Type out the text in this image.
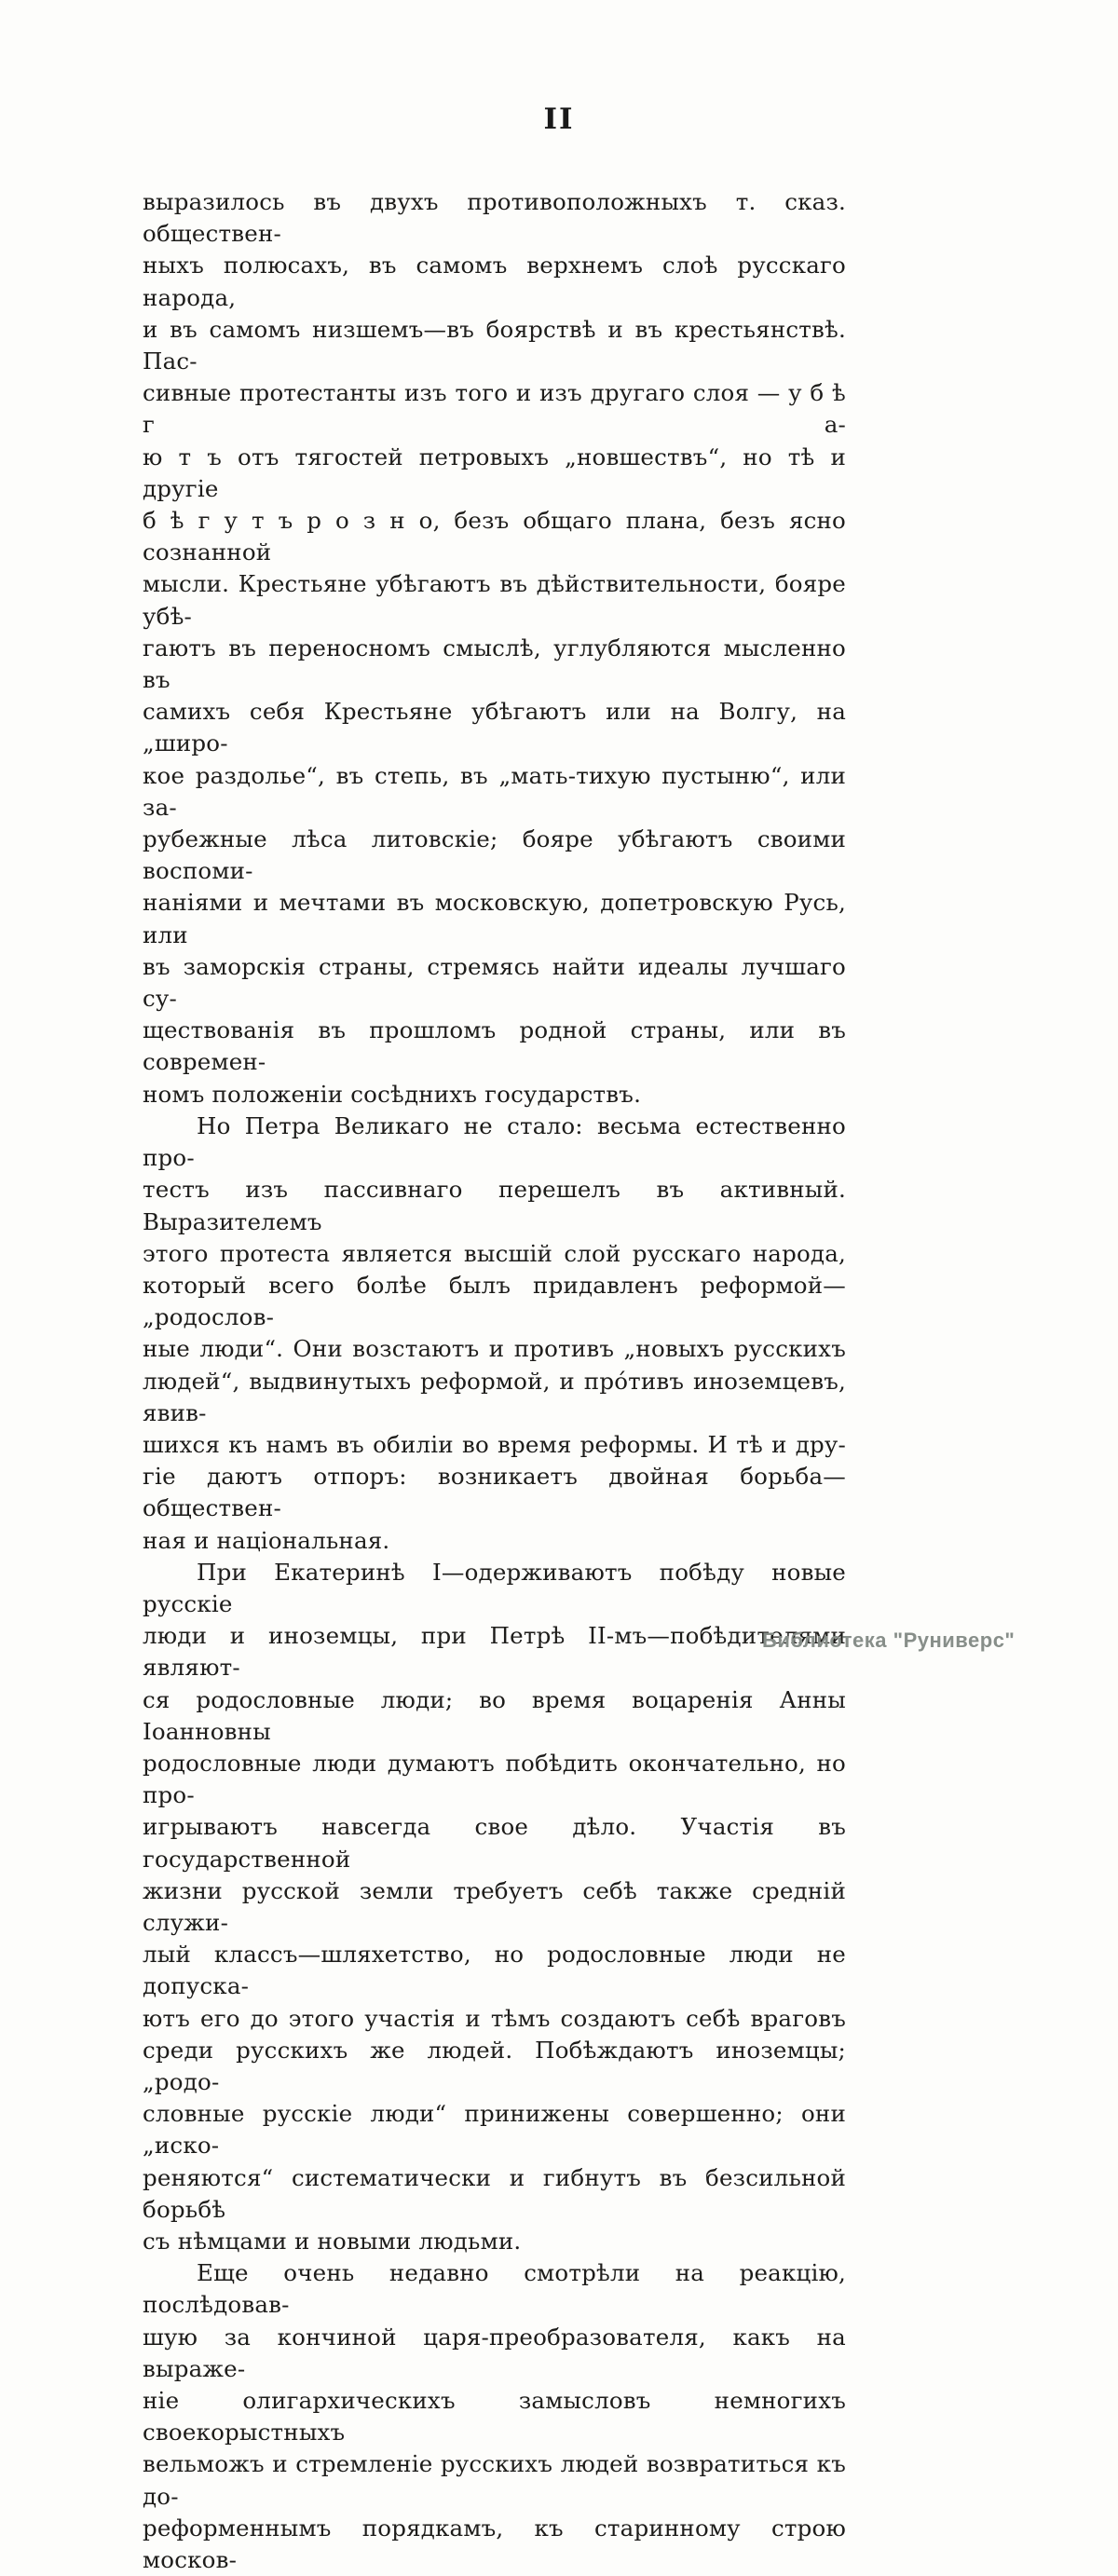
II
выразилось въ двухъ противоположныхъ т. сказ. обществен-
ныхъ полюсахъ, въ самомъ верхнемъ слоѣ русскаго народа,
и въ самомъ низшемъ—въ боярствѣ и въ крестьянствѣ. Пас-
сивные протестанты изъ того и изъ другаго слоя — у б ѣ г а-
ю т ъ отъ тягостей петровыхъ „новшествъ“, но тѣ и другіе
б ѣ г у т ъ р о з н о, безъ общаго плана, безъ ясно сознанной
мысли. Крестьяне убѣгаютъ въ дѣйствительности, бояре убѣ-
гаютъ въ переносномъ смыслѣ, углубляются мысленно въ
самихъ себя Крестьяне убѣгаютъ или на Волгу, на „широ-
кое раздолье“, въ степь, въ „мать-тихую пустыню“, или за-
рубежные лѣса литовскіе; бояре убѣгаютъ своими воспоми-
наніями и мечтами въ московскую, допетровскую Русь, или
въ заморскія страны, стремясь найти идеалы лучшаго су-
ществованія въ прошломъ родной страны, или въ современ-
номъ положеніи сосѣднихъ государствъ.
Но Петра Великаго не стало: весьма естественно про-
тестъ изъ пассивнаго перешелъ въ активный. Выразителемъ
этого протеста является высшій слой русскаго народа,
который всего болѣе былъ придавленъ реформой—„родослов-
ные люди“. Они возстаютъ и противъ „новыхъ русскихъ
людей“, выдвинутыхъ реформой, и про́тивъ иноземцевъ, явив-
шихся къ намъ въ обиліи во время реформы. И тѣ и дру-
гіе даютъ отпоръ: возникаетъ двойная борьба—обществен-
ная и національная.
При Екатеринѣ I—одерживаютъ побѣду новые русскіе
люди и иноземцы, при Петрѣ II-мъ—побѣдителями являют-
ся родословные люди; во время воцаренія Анны Іоанновны
родословные люди думаютъ побѣдить окончательно, но про-
игрываютъ навсегда свое дѣло. Участія въ государственной
жизни русской земли требуетъ себѣ также средній служи-
лый классъ—шляхетство, но родословные люди не допуска-
ютъ его до этого участія и тѣмъ создаютъ себѣ враговъ
среди русскихъ же людей. Побѣждаютъ иноземцы; „родо-
словные русскіе люди“ принижены совершенно; они „иско-
реняются“ систематически и гибнутъ въ безсильной борьбѣ
съ нѣмцами и новыми людьми.
Еще очень недавно смотрѣли на реакцію, послѣдовав-
шую за кончиной царя-преобразователя, какъ на выраже-
ніе олигархическихъ замысловъ немногихъ своекорыстныхъ
вельможъ и стремленіе русскихъ людей возвратиться къ до-
реформеннымъ порядкамъ, къ старинному строю москов-
Библиотека "Руниверс"
